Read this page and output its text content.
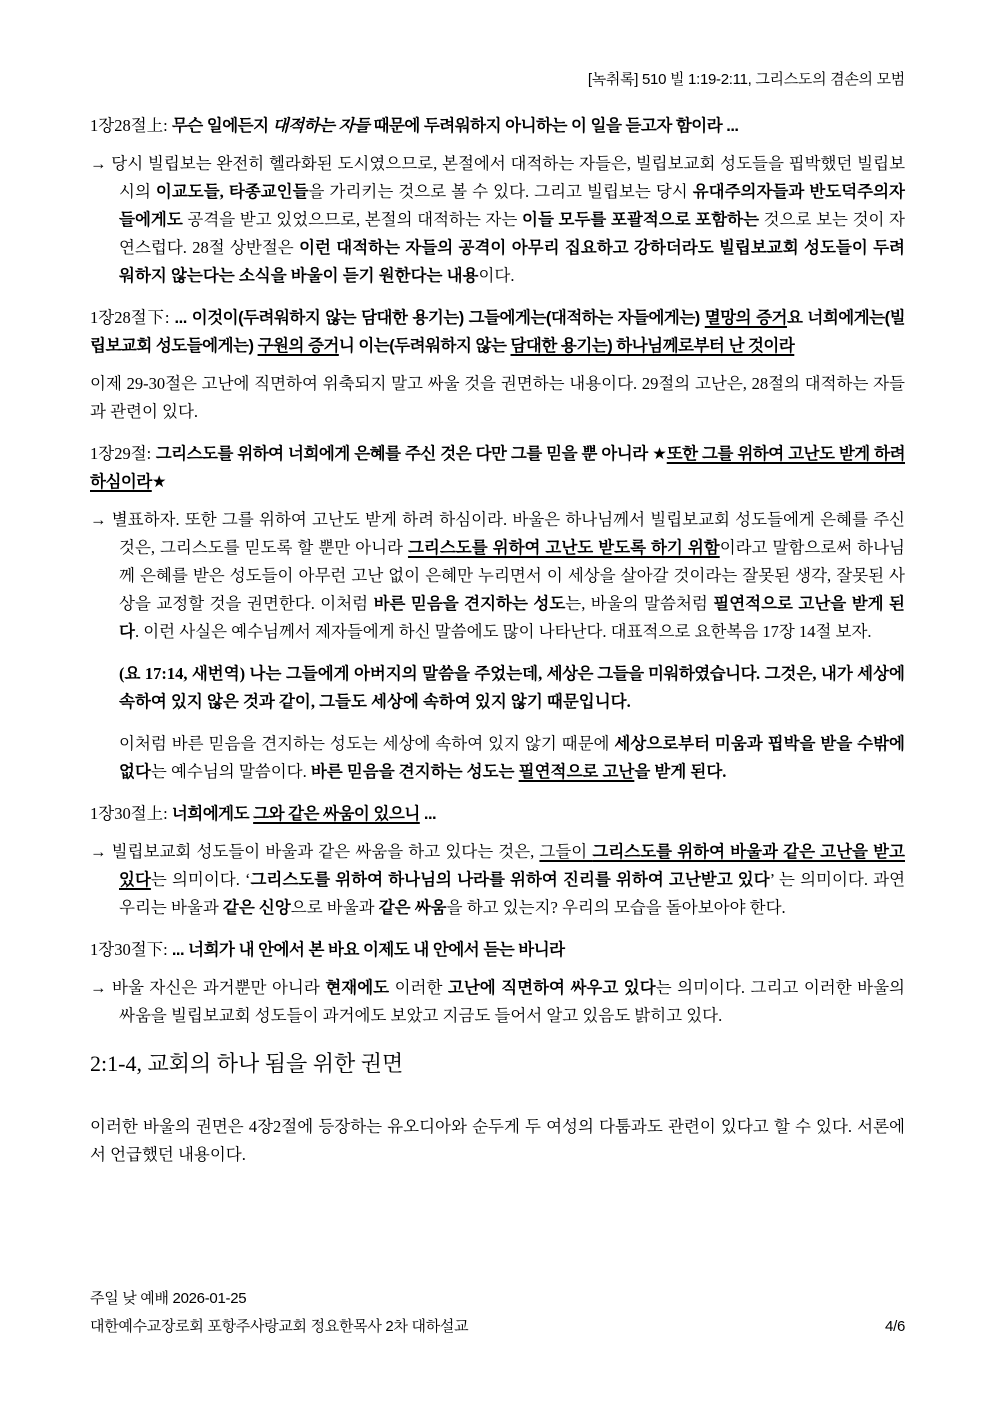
[녹취록] 510 빌 1:19-2:11, 그리스도의 겸손의 모범
1장28절上: 무슨 일에든지 대적하는 자들 때문에 두려워하지 아니하는 이 일을 듣고자 함이라 ...
→ 당시 빌립보는 완전히 헬라화된 도시였으므로, 본절에서 대적하는 자들은, 빌립보교회 성도들을 핍박했던 빌립보시의 이교도들, 타종교인들을 가리키는 것으로 볼 수 있다. 그리고 빌립보는 당시 유대주의자들과 반도덕주의자들에게도 공격을 받고 있었으므로, 본절의 대적하는 자는 이들 모두를 포괄적으로 포함하는 것으로 보는 것이 자연스럽다. 28절 상반절은 이런 대적하는 자들의 공격이 아무리 집요하고 강하더라도 빌립보교회 성도들이 두려워하지 않는다는 소식을 바울이 듣기 원한다는 내용이다.
1장28절下: ... 이것이(두려워하지 않는 담대한 용기는) 그들에게는(대적하는 자들에게는) 멸망의 증거요 너희에게는(빌립보교회 성도들에게는) 구원의 증거니 이는(두려워하지 않는 담대한 용기는) 하나님께로부터 난 것이라
이제 29-30절은 고난에 직면하여 위축되지 말고 싸울 것을 권면하는 내용이다. 29절의 고난은, 28절의 대적하는 자들과 관련이 있다.
1장29절: 그리스도를 위하여 너희에게 은혜를 주신 것은 다만 그를 믿을 뿐 아니라 ★또한 그를 위하여 고난도 받게 하려 하심이라★
→ 별표하자. 또한 그를 위하여 고난도 받게 하려 하심이라. 바울은 하나님께서 빌립보교회 성도들에게 은혜를 주신 것은, 그리스도를 믿도록 할 뿐만 아니라 그리스도를 위하여 고난도 받도록 하기 위함이라고 말함으로써 하나님께 은혜를 받은 성도들이 아무런 고난 없이 은혜만 누리면서 이 세상을 살아갈 것이라는 잘못된 생각, 잘못된 사상을 교정할 것을 권면한다. 이처럼 바른 믿음을 견지하는 성도는, 바울의 말씀처럼 필연적으로 고난을 받게 된다. 이런 사실은 예수님께서 제자들에게 하신 말씀에도 많이 나타난다. 대표적으로 요한복음 17장 14절 보자.
(요 17:14, 새번역) 나는 그들에게 아버지의 말씀을 주었는데, 세상은 그들을 미워하였습니다. 그것은, 내가 세상에 속하여 있지 않은 것과 같이, 그들도 세상에 속하여 있지 않기 때문입니다.
이처럼 바른 믿음을 견지하는 성도는 세상에 속하여 있지 않기 때문에 세상으로부터 미움과 핍박을 받을 수밖에 없다는 예수님의 말씀이다. 바른 믿음을 견지하는 성도는 필연적으로 고난을 받게 된다.
1장30절上: 너희에게도 그와 같은 싸움이 있으니 ...
→ 빌립보교회 성도들이 바울과 같은 싸움을 하고 있다는 것은, 그들이 그리스도를 위하여 바울과 같은 고난을 받고 있다는 의미이다. ‘그리스도를 위하여 하나님의 나라를 위하여 진리를 위하여 고난받고 있다’ 는 의미이다. 과연 우리는 바울과 같은 신앙으로 바울과 같은 싸움을 하고 있는지? 우리의 모습을 돌아보아야 한다.
1장30절下: ... 너희가 내 안에서 본 바요 이제도 내 안에서 듣는 바니라
→ 바울 자신은 과거뿐만 아니라 현재에도 이러한 고난에 직면하여 싸우고 있다는 의미이다. 그리고 이러한 바울의 싸움을 빌립보교회 성도들이 과거에도 보았고 지금도 들어서 알고 있음도 밝히고 있다.
2:1-4, 교회의 하나 됨을 위한 권면
이러한 바울의 권면은 4장2절에 등장하는 유오디아와 순두게 두 여성의 다툼과도 관련이 있다고 할 수 있다. 서론에서 언급했던 내용이다.
주일 낮 예배 2026-01-25
대한예수교장로회 포항주사랑교회 정요한목사 2차 대하설교	4/6
